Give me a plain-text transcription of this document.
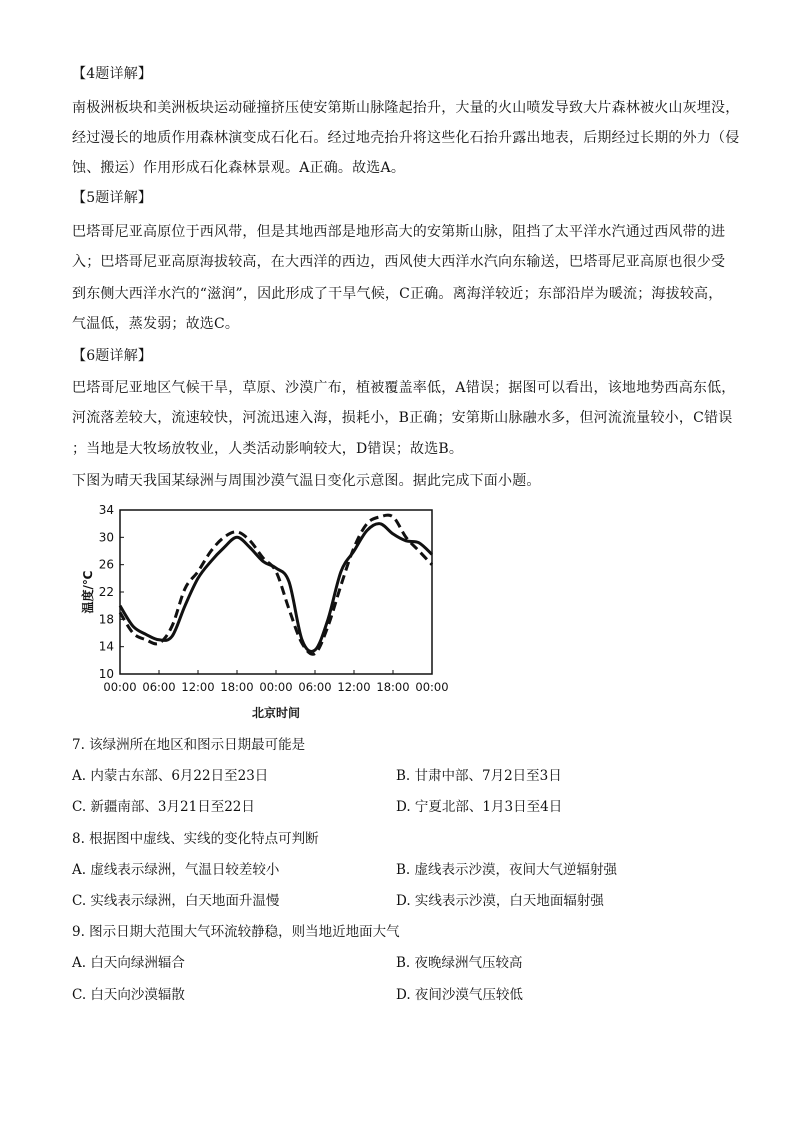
【4题详解】
南极洲板块和美洲板块运动碰撞挤压使安第斯山脉隆起抬升，大量的火山喷发导致大片森林被火山灰埋没，
经过漫长的地质作用森林演变成石化石。经过地壳抬升将这些化石抬升露出地表，后期经过长期的外力（侵
蚀、搬运）作用形成石化森林景观。A正确。故选A。
【5题详解】
巴塔哥尼亚高原位于西风带，但是其地西部是地形高大的安第斯山脉，阻挡了太平洋水汽通过西风带的进
入；巴塔哥尼亚高原海拔较高，在大西洋的西边，西风使大西洋水汽向东输送，巴塔哥尼亚高原也很少受
到东侧大西洋水汽的“滋润”，因此形成了干旱气候，C正确。离海洋较近；东部沿岸为暖流；海拔较高，
气温低，蒸发弱；故选C。
【6题详解】
巴塔哥尼亚地区气候干旱，草原、沙漠广布，植被覆盖率低，A错误；据图可以看出，该地地势西高东低，
河流落差较大，流速较快，河流迅速入海，损耗小，B正确；安第斯山脉融水多，但河流流量较小，C错误
；当地是大牧场放牧业，人类活动影响较大，D错误；故选B。
下图为晴天我国某绿洲与周围沙漠气温日变化示意图。据此完成下面小题。
34
30
26
22
18
14
10
00:00 06:00 12:00 18:00 00:00 06:00 12:00 18:00 00:00
温度/℃
北京时间
7. 该绿洲所在地区和图示日期最可能是
A. 内蒙古东部、6月22日至23日	B. 甘肃中部、7月2日至3日
C. 新疆南部、3月21日至22日	D. 宁夏北部、1月3日至4日
8. 根据图中虚线、实线的变化特点可判断
A. 虚线表示绿洲，气温日较差较小	B. 虚线表示沙漠，夜间大气逆辐射强
C. 实线表示绿洲，白天地面升温慢	D. 实线表示沙漠，白天地面辐射强
9. 图示日期大范围大气环流较静稳，则当地近地面大气
A. 白天向绿洲辐合	B. 夜晚绿洲气压较高
C. 白天向沙漠辐散	D. 夜间沙漠气压较低
